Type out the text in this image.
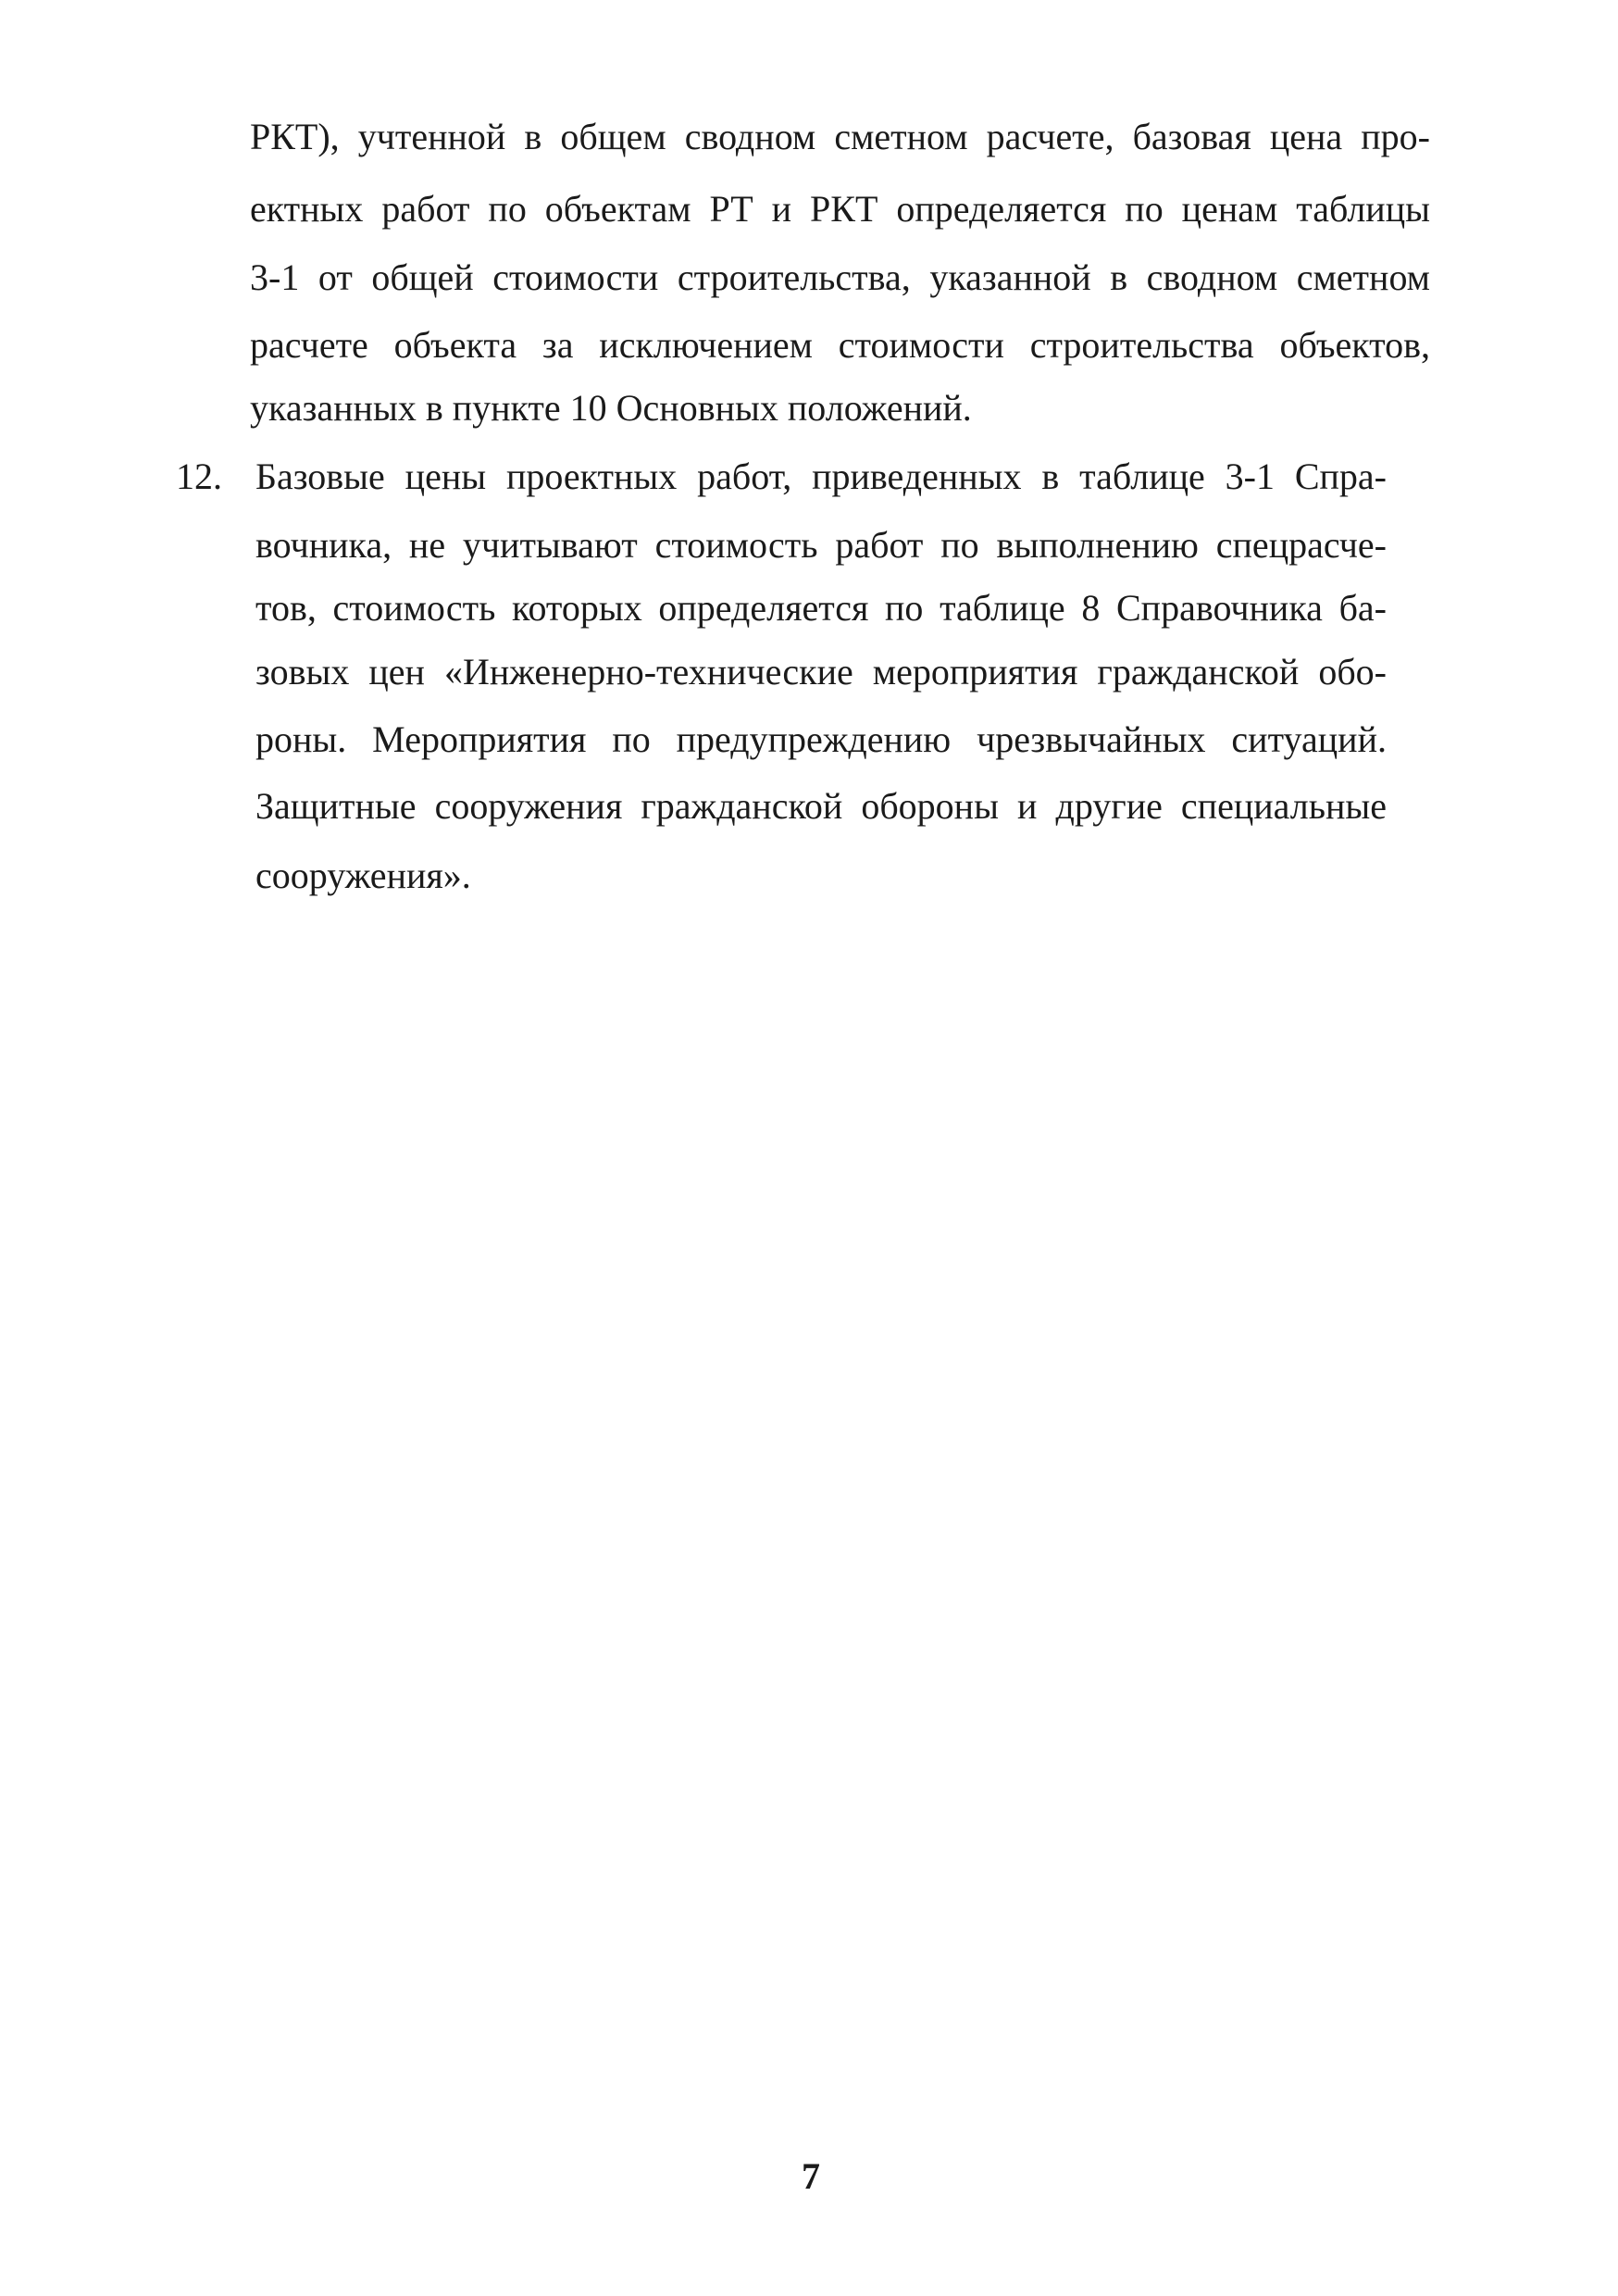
РКТ), учтенной в общем сводном сметном расчете, базовая цена про-
ектных работ по объектам РТ и РКТ определяется по ценам таблицы
3-1 от общей стоимости строительства, указанной в сводном сметном
расчете объекта за исключением стоимости строительства объектов,
указанных в пункте 10 Основных положений.
12. Базовые цены проектных работ, приведенных в таблице 3-1 Спра-
вочника, не учитывают стоимость работ по выполнению спецрасче-
тов, стоимость которых определяется по таблице 8 Справочника ба-
зовых цен «Инженерно-технические мероприятия гражданской обо-
роны. Мероприятия по предупреждению чрезвычайных ситуаций.
Защитные сооружения гражданской обороны и другие специальные
сооружения».
7
